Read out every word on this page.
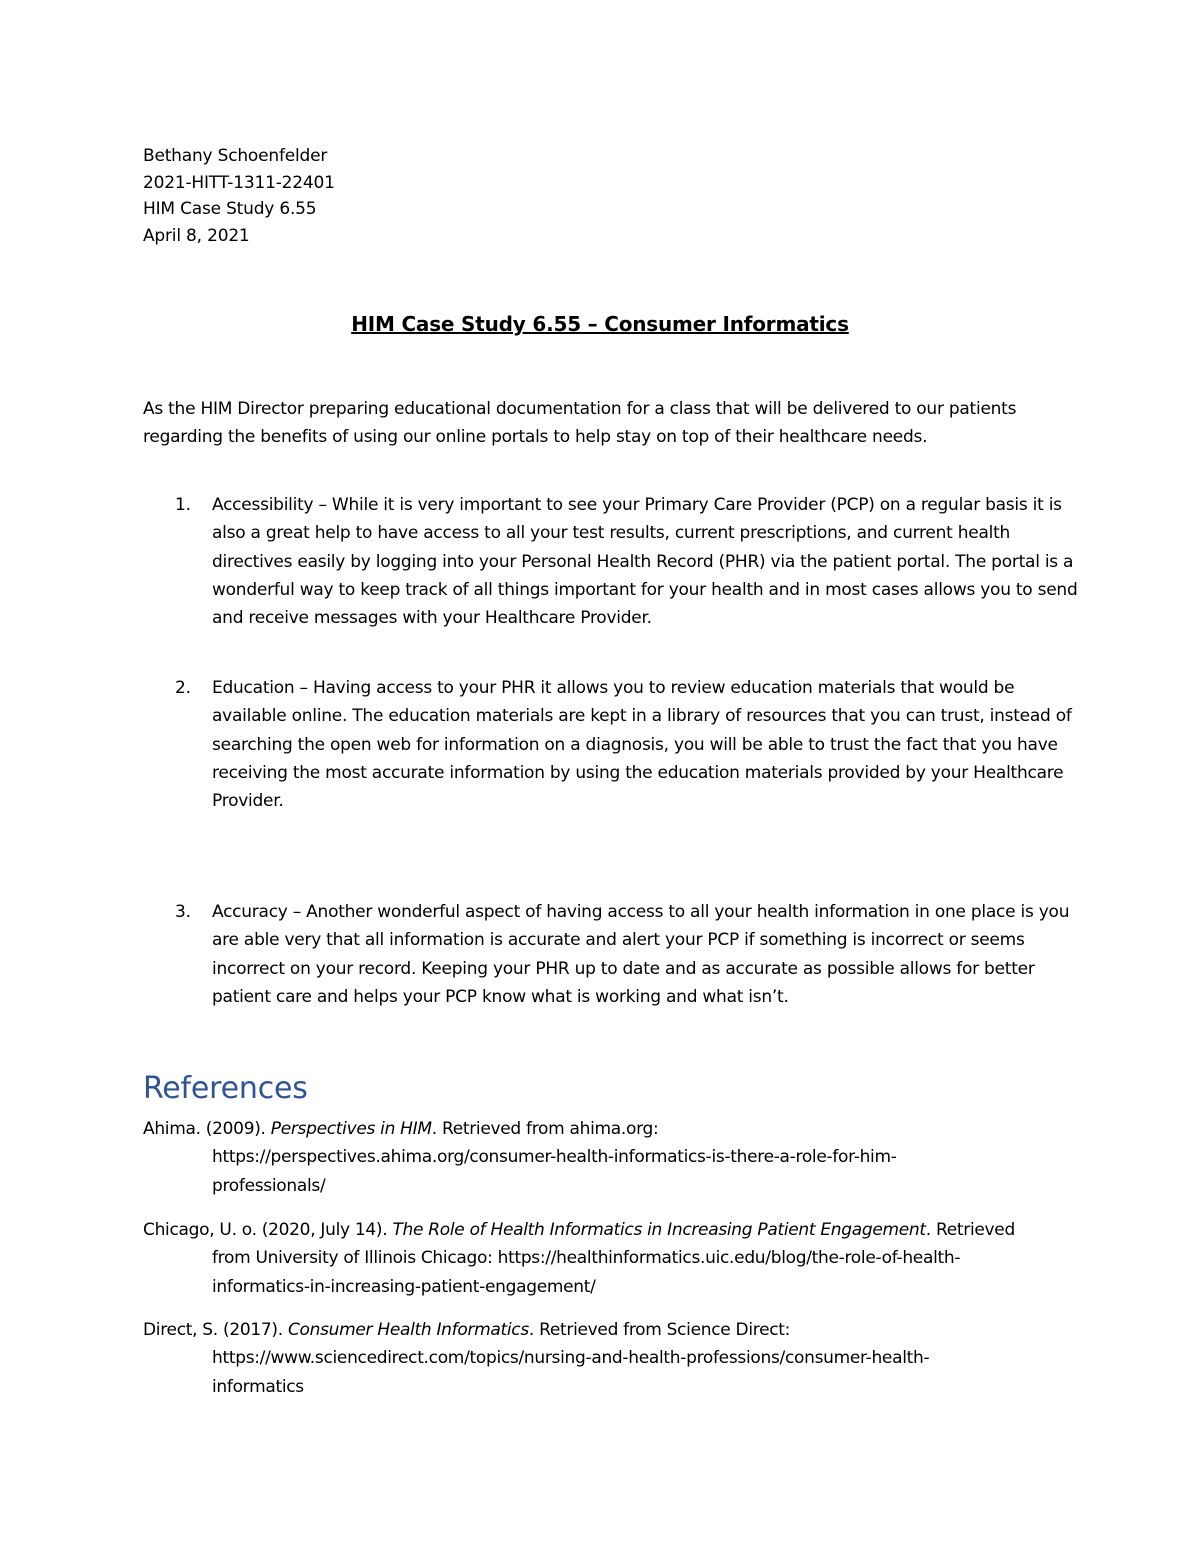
Bethany Schoenfelder
2021-HITT-1311-22401
HIM Case Study 6.55
April 8, 2021
HIM Case Study 6.55 – Consumer Informatics
As the HIM Director preparing educational documentation for a class that will be delivered to our patients regarding the benefits of using our online portals to help stay on top of their healthcare needs.
1. Accessibility – While it is very important to see your Primary Care Provider (PCP) on a regular basis it is also a great help to have access to all your test results, current prescriptions, and current health directives easily by logging into your Personal Health Record (PHR) via the patient portal. The portal is a wonderful way to keep track of all things important for your health and in most cases allows you to send and receive messages with your Healthcare Provider.
2. Education – Having access to your PHR it allows you to review education materials that would be available online. The education materials are kept in a library of resources that you can trust, instead of searching the open web for information on a diagnosis, you will be able to trust the fact that you have receiving the most accurate information by using the education materials provided by your Healthcare Provider.
3. Accuracy – Another wonderful aspect of having access to all your health information in one place is you are able very that all information is accurate and alert your PCP if something is incorrect or seems incorrect on your record. Keeping your PHR up to date and as accurate as possible allows for better patient care and helps your PCP know what is working and what isn’t.
References
Ahima. (2009). Perspectives in HIM. Retrieved from ahima.org:
https://perspectives.ahima.org/consumer-health-informatics-is-there-a-role-for-him-
professionals/
Chicago, U. o. (2020, July 14). The Role of Health Informatics in Increasing Patient Engagement. Retrieved
from University of Illinois Chicago: https://healthinformatics.uic.edu/blog/the-role-of-health-
informatics-in-increasing-patient-engagement/
Direct, S. (2017). Consumer Health Informatics. Retrieved from Science Direct:
https://www.sciencedirect.com/topics/nursing-and-health-professions/consumer-health-
informatics
